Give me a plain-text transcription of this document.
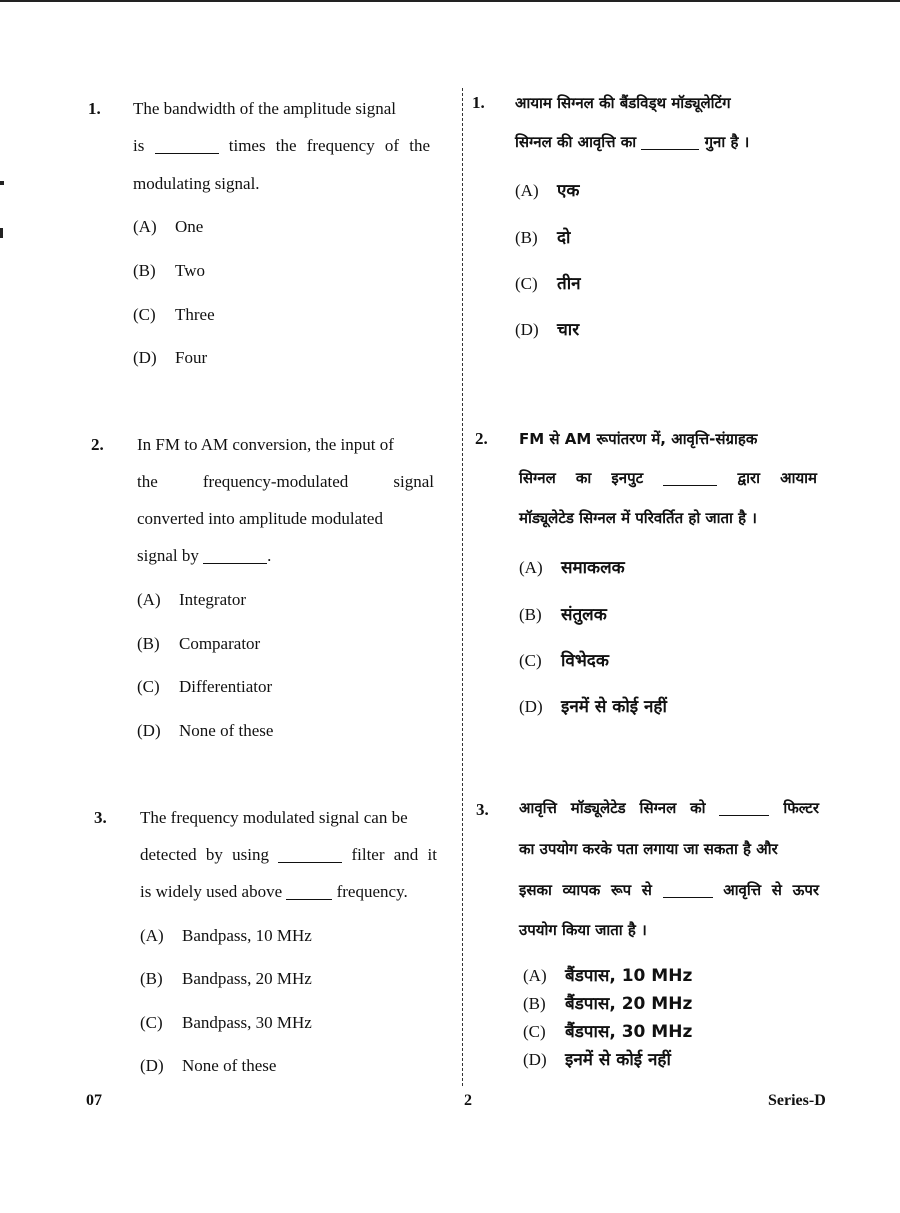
1. The bandwidth of the amplitude signal
is	times the frequency of the
modulating signal.
(A) One
(B) Two
(C) Three
(D) Four
2. In FM to AM conversion, the input of
the	frequency-modulated	signal
converted into amplitude modulated
signal by	.
(A) Integrator
(B) Comparator
(C) Differentiator
(D) None of these
3. The frequency modulated signal can be
detected by using	filter and it
is widely used above	frequency.
(A) Bandpass, 10 MHz
(B) Bandpass, 20 MHz
(C) Bandpass, 30 MHz
(D) None of these
1. आयाम सिग्नल की बैंडविड्थ मॉड्यूलेटिंग
सिग्नल की आवृत्ति का	गुना है ।
(A) एक
(B) दो
(C) तीन
(D) चार
2. FM से AM रूपांतरण में, आवृत्ति-संग्राहक
सिग्नल का इनपुट	द्वारा आयाम
मॉड्यूलेटेड सिग्नल में परिवर्तित हो जाता है ।
(A) समाकलक
(B) संतुलक
(C) विभेदक
(D) इनमें से कोई नहीं
3. आवृत्ति मॉड्यूलेटेड सिग्नल को	फिल्टर
का उपयोग करके पता लगाया जा सकता है और
इसका व्यापक रूप से	आवृत्ति से ऊपर
उपयोग किया जाता है ।
(A) बैंडपास, 10 MHz
(B) बैंडपास, 20 MHz
(C) बैंडपास, 30 MHz
(D) इनमें से कोई नहीं
07	2	Series-D
